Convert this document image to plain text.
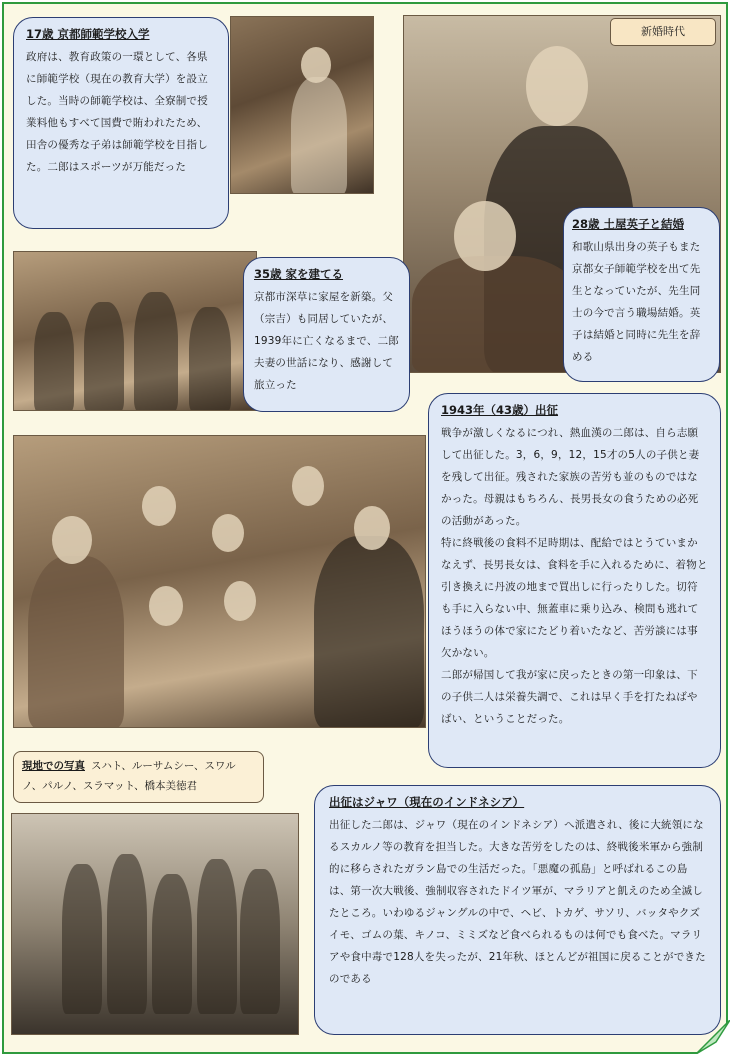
新婚時代
17歳 京都師範学校入学

政府は、教育政策の一環として、各県に師範学校（現在の教育大学）を設立した。当時の師範学校は、全寮制で授業料他もすべて国費で賄われたため、田舎の優秀な子弟は師範学校を目指した。二郎はスポーツが万能だった

28歳 土屋英子と結婚

和歌山県出身の英子もまた京都女子師範学校を出て先生となっていたが、先生同士の今で言う職場結婚。英子は結婚と同時に先生を辞める

35歳 家を建てる

京都市深草に家屋を新築。父（宗吉）も同居していたが、1939年に亡くなるまで、二郎夫妻の世話になり、感謝して旅立った

1943年（43歳）出征

戦争が激しくなるにつれ、熱血漢の二郎は、自ら志願して出征した。3，6，9，12，15才の5人の子供と妻を残して出征。残された家族の苦労も並のものではなかった。母親はもちろん、長男長女の食うための必死の活動があった。

特に終戦後の食料不足時期は、配給ではとうていまかなえず、長男長女は、食料を手に入れるために、着物と引き換えに丹波の地まで買出しに行ったりした。切符も手に入らない中、無蓋車に乗り込み、検問も逃れてほうほうの体で家にたどり着いたなど、苦労談には事欠かない。

二郎が帰国して我が家に戻ったときの第一印象は、下の子供二人は栄養失調で、これは早く手を打たねばやばい、ということだった。

現地での写真 スハト、ルーサムシー、スワルノ、パルノ、スラマット、橋本美徳君
出征はジャワ（現在のインドネシア）

出征した二郎は、ジャワ（現在のインドネシア）へ派遣され、後に大統領になるスカルノ等の教育を担当した。大きな苦労をしたのは、終戦後米軍から強制的に移らされたガラン島での生活だった。「悪魔の孤島」と呼ばれるこの島は、第一次大戦後、強制収容されたドイツ軍が、マラリアと飢えのため全滅したところ。いわゆるジャングルの中で、ヘビ、トカゲ、サソリ、バッタやクズイモ、ゴムの葉、キノコ、ミミズなど食べられるものは何でも食べた。マラリアや食中毒で128人を失ったが、21年秋、ほとんどが祖国に戻ることができたのである
